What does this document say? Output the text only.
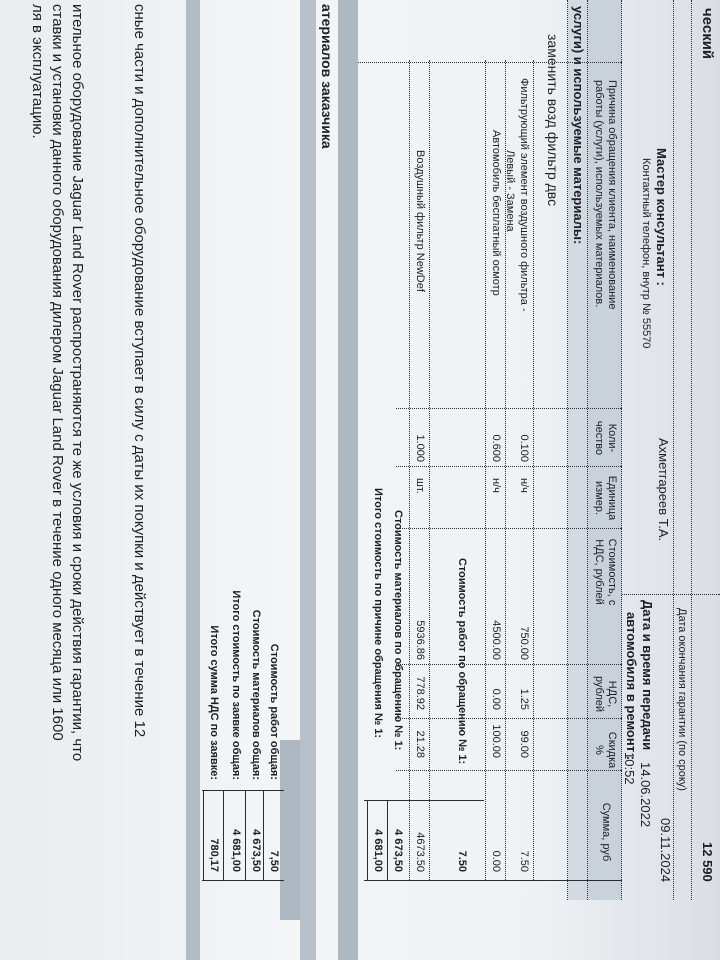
ческий
Мастер консультант :
Ахметгареев Т.А.
Контактный телефон, внутр № 55570
12 590
Дата окончания гарантии (по сроку)
09.11.2024
Дата и время передачи
автомобиля в ремонт :
14.06.2022
10:52
Причина обращения клиента, наименование
работы (услуги), используемых материалов.
Коли-
чество
Единица
измер.
Стоимость, с
НДС, рублей
НДС,
рублей
Скидка
%
Сумма, руб
услуги) и используемые материалы:
заменить возд фильтр двс
Фильтрующий элемент воздушного фильтра -
Левый - Замена
0.100
н/ч
750.00
1.25
99.00
7.50
Автомобиль бесплатный осмотр
0.600
н/ч
4500.00
0.00
100.00
0.00
Стоимость работ по обращению № 1:
7.50
Воздушный фильтр NewDef
1.000
шт.
5936.86
778.92
21.28
4673.50
Стоимость материалов по обращению № 1:
4 673,50
Итого стоимость по причине обращения № 1:
4 681,00
атериалов заказчика
Стоимость работ общая:
7,50
Стоимость материалов общая:
4 673,50
Итого стоимость по заявке общая:
4 681,00
Итого сумма НДС по заявке:
780,17
сные части и дополнительное оборудование вступает в силу с даты их покупки и действует в течение 12
ительное оборудование Jaguar Land Rover распространяются те же условия и сроки действия гарантии, что
ставки и установки данного оборудования дилером Jaguar Land Rover в течение одного месяца или 1600
ля в эксплуатацию.
